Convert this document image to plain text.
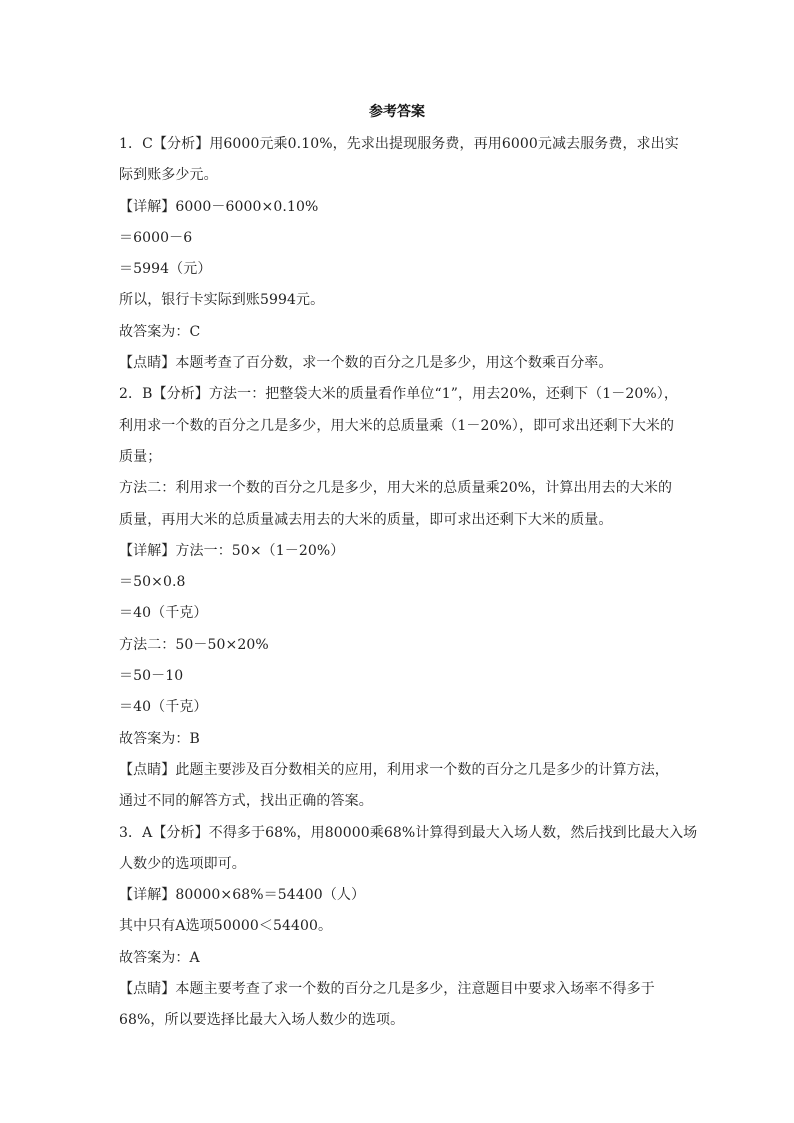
参考答案
1．C【分析】用6000元乘0.10%，先求出提现服务费，再用6000元减去服务费，求出实
际到账多少元。
【详解】6000－6000×0.10%
＝6000－6
＝5994（元）
所以，银行卡实际到账5994元。
故答案为：C
【点睛】本题考查了百分数，求一个数的百分之几是多少，用这个数乘百分率。
2．B【分析】方法一：把整袋大米的质量看作单位“1”，用去20%，还剩下（1－20%），
利用求一个数的百分之几是多少，用大米的总质量乘（1－20%），即可求出还剩下大米的
质量；
方法二：利用求一个数的百分之几是多少，用大米的总质量乘20%，计算出用去的大米的
质量，再用大米的总质量减去用去的大米的质量，即可求出还剩下大米的质量。
【详解】方法一：50×（1－20%）
＝50×0.8
＝40（千克）
方法二：50－50×20%
＝50－10
＝40（千克）
故答案为：B
【点睛】此题主要涉及百分数相关的应用，利用求一个数的百分之几是多少的计算方法，
通过不同的解答方式，找出正确的答案。
3．A【分析】不得多于68%，用80000乘68%计算得到最大入场人数，然后找到比最大入场
人数少的选项即可。
【详解】80000×68%＝54400（人）
其中只有A选项50000＜54400。
故答案为：A
【点睛】本题主要考查了求一个数的百分之几是多少，注意题目中要求入场率不得多于
68%，所以要选择比最大入场人数少的选项。
